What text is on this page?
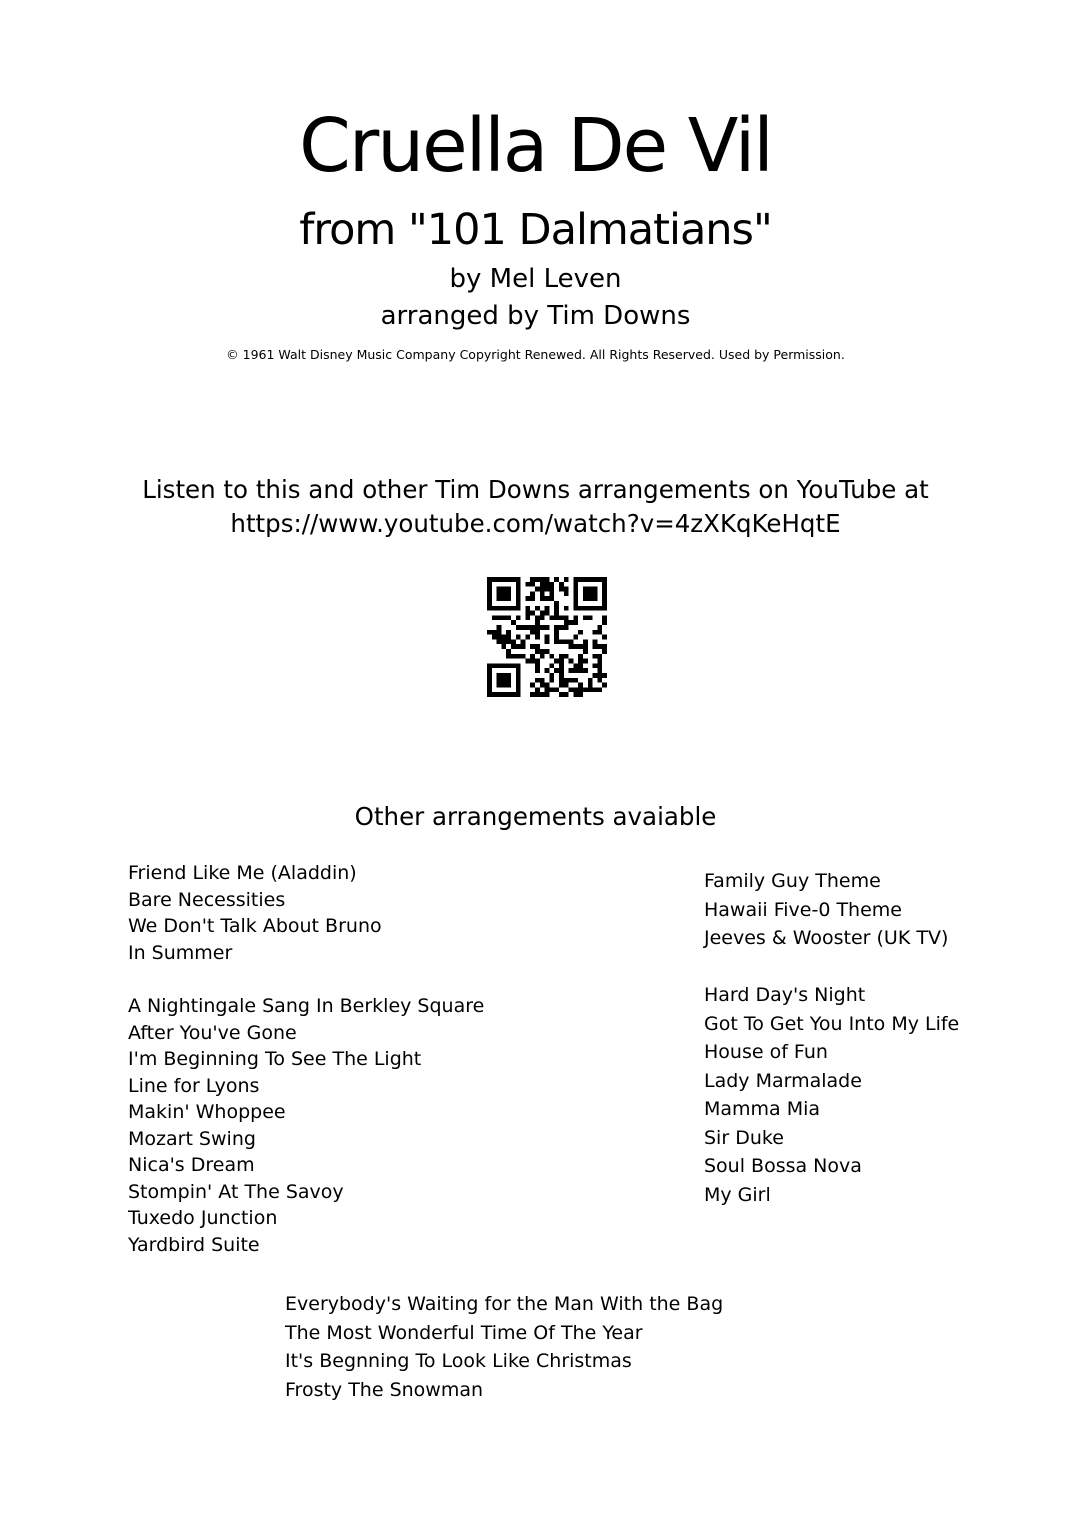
Cruella De Vil
from "101 Dalmatians"
by Mel Leven
arranged by Tim Downs
© 1961 Walt Disney Music Company Copyright Renewed. All Rights Reserved. Used by Permission.
Listen to this and other Tim Downs arrangements on YouTube at
https://www.youtube.com/watch?v=4zXKqKeHqtE
Other arrangements avaiable
Friend Like Me (Aladdin)
Bare Necessities
We Don't Talk About Bruno
In Summer
A Nightingale Sang In Berkley Square
After You've Gone
I'm Beginning To See The Light
Line for Lyons
Makin' Whoppee
Mozart Swing
Nica's Dream
Stompin' At The Savoy
Tuxedo Junction
Yardbird Suite
Family Guy Theme
Hawaii Five-0 Theme
Jeeves & Wooster (UK TV)
Hard Day's Night
Got To Get You Into My Life
House of Fun
Lady Marmalade
Mamma Mia
Sir Duke
Soul Bossa Nova
My Girl
Everybody's Waiting for the Man With the Bag
The Most Wonderful Time Of The Year
It's Begnning To Look Like Christmas
Frosty The Snowman
